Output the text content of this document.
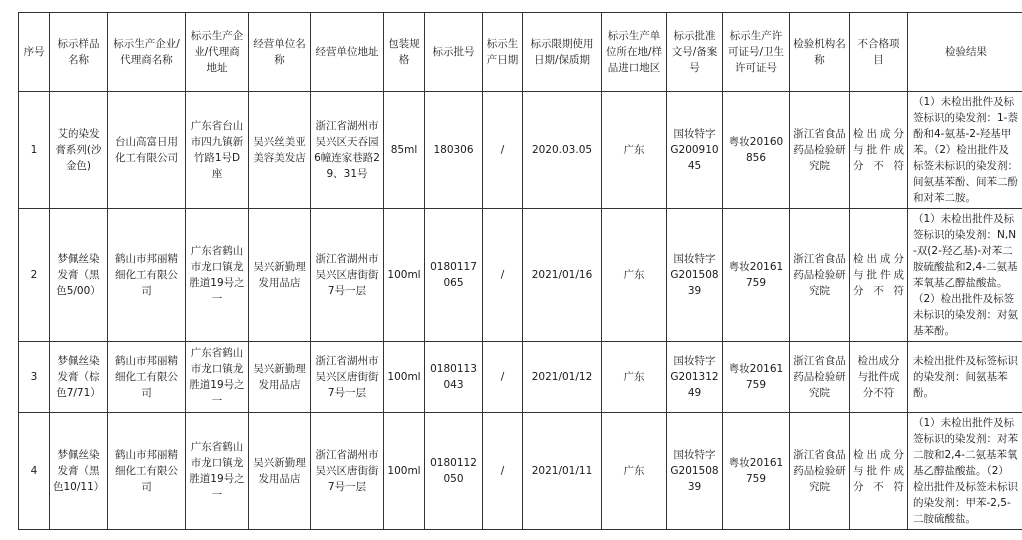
序号	标示样品名称	标示生产企业/代理商名称	标示生产企业/代理商地址	经营单位名称	经营单位地址	包装规格	标示批号	标示生产日期	标示限期使用日期/保质期	标示生产单位所在地/样品进口地区	标示批准文号/备案号	标示生产许可证号/卫生许可证号	检验机构名称	不合格项目	检验结果
1	艾的染发膏系列(沙金色)	台山高富日用化工有限公司	广东省台山市四九镇新竹路1号D座	吴兴丝美亚美容美发店	浙江省湖州市吴兴区天吞园6幢连家巷路29、31号	85ml	180306	/	2020.03.05	广东	国妆特字G20091045	粤妆20160856	浙江省食品药品检验研究院	检出成分与批件成分不符	（1）未检出批件及标签标识的染发剂：1-萘酚和4-氨基-2-羟基甲苯。（2）检出批件及标签未标识的染发剂：间氨基苯酚、间苯二酚和对苯二胺。
2	梦佩丝染发膏（黑色5/00）	鹤山市邦丽精细化工有限公司	广东省鹤山市龙口镇龙胜道19号之一	吴兴新勤理发用品店	浙江省湖州市吴兴区唐街街7号一层	100ml	0180117065	/	2021/01/16	广东	国妆特字G20150839	粤妆20161759	浙江省食品药品检验研究院	检出成分与批件成分不符	（1）未检出批件及标签标识的染发剂：N,N-双(2-羟乙基)-对苯二胺硫酸盐和2,4-二氨基苯氧基乙醇盐酸盐。（2）检出批件及标签未标识的染发剂：对氨基苯酚。
3	梦佩丝染发膏（棕色7/71）	鹤山市邦丽精细化工有限公司	广东省鹤山市龙口镇龙胜道19号之一	吴兴新勤理发用品店	浙江省湖州市吴兴区唐街街7号一层	100ml	0180113043	/	2021/01/12	广东	国妆特字G20131249	粤妆20161759	浙江省食品药品检验研究院	检出成分与批件成分不符	未检出批件及标签标识的染发剂：间氨基苯酚。
4	梦佩丝染发膏（黑色10/11）	鹤山市邦丽精细化工有限公司	广东省鹤山市龙口镇龙胜道19号之一	吴兴新勤理发用品店	浙江省湖州市吴兴区唐街街7号一层	100ml	0180112050	/	2021/01/11	广东	国妆特字G20150839	粤妆20161759	浙江省食品药品检验研究院	检出成分与批件成分不符	（1）未检出批件及标签标识的染发剂：对苯二胺和2,4-二氨基苯氧基乙醇盐酸盐。（2）检出批件及标签未标识的染发剂：甲苯-2,5-二胺硫酸盐。
